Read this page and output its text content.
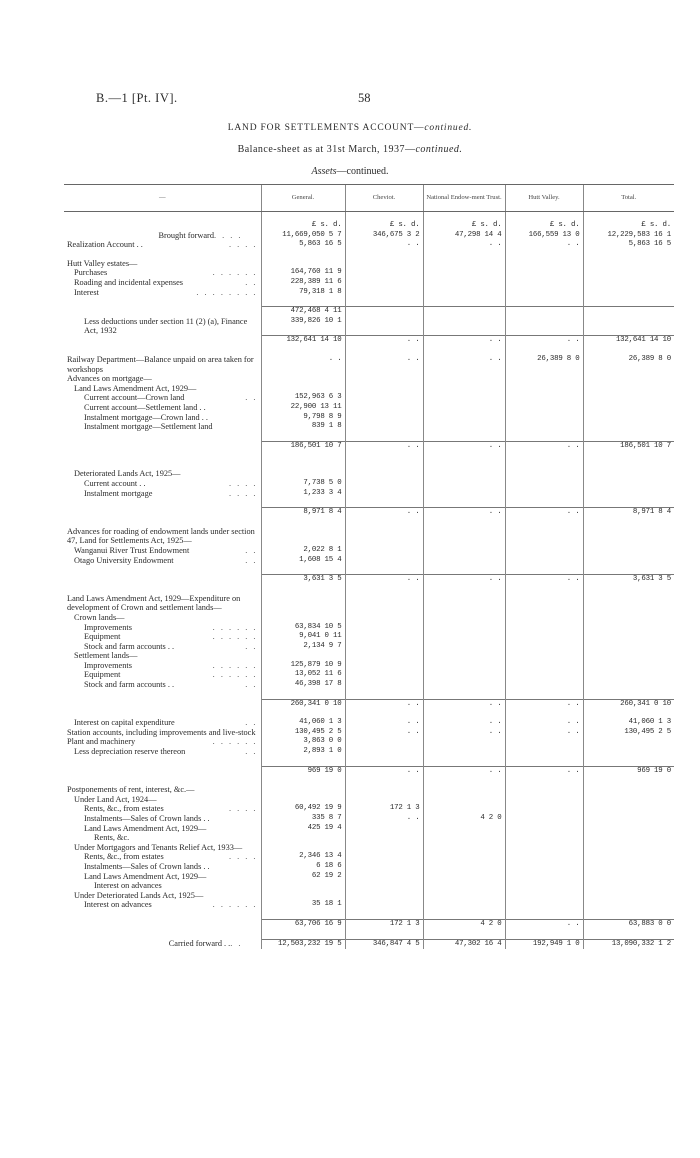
B.—1 [Pt. IV].	58
LAND FOR SETTLEMENTS ACCOUNT—continued.
Balance-sheet as at 31st March, 1937—continued.
Assets—continued.
—	General.	Cheviot.	National Endow-ment Trust.	Hutt Valley.	Total.

	£ s. d.	£ s. d.	£ s. d.	£ s. d.	£ s. d.

. . . .
Brought forward	11,669,050 5 7	346,675 3 2	47,298 14 4	166,559 13 0	12,229,583 16 1

. . . .
Realization Account . .	5,863 16 5	. .	. .	. .	5,863 16 5

Hutt Valley estates—					

. . . . . .
Purchases	164,760 11 9				

. .
Roading and incidental expenses	228,389 11 6				

. . . . . . . .
Interest	79,318 1 8				

	472,468 4 11				
Less deductions under section 11 (2) (a), Finance Act, 1932	339,826 10 1				
	132,641 14 10	. .	. .	. .	132,641 14 10

Railway Department—Balance unpaid on area taken for workshops	. .	. .	. .	26,389 8 0	26,389 8 0
Advances on mortgage—					
Land Laws Amendment Act, 1929—					

. .
Current account—Crown land	152,963 6 3				
Current account—Settlement land . .	22,900 13 11				
Instalment mortgage—Crown land . .	9,798 8 9				
Instalment mortgage—Settlement land	839 1 8				

	186,501 10 7	. .	. .	. .	186,501 10 7

Deteriorated Lands Act, 1925—					

. . . .
Current account . .	7,738 5 0				

. . . .
Instalment mortgage	1,233 3 4				

	8,971 8 4	. .	. .	. .	8,971 8 4

Advances for roading of endowment lands under section 47, Land for Settlements Act, 1925—					

. .
Wanganui River Trust Endowment	2,022 8 1				

. .
Otago University Endowment	1,608 15 4				

	3,631 3 5	. .	. .	. .	3,631 3 5

Land Laws Amendment Act, 1929—Expenditure on development of Crown and settlement lands—					
Crown lands—					

. . . . . .
Improvements	63,834 10 5				

. . . . . .
Equipment	9,041 0 11				

. .
Stock and farm accounts . .	2,134 9 7				
Settlement lands—					

. . . . . .
Improvements	125,879 10 9				

. . . . . .
Equipment	13,052 11 6				

. .
Stock and farm accounts . .	46,398 17 8				

	260,341 0 10	. .	. .	. .	260,341 0 10

. .
Interest on capital expenditure	41,060 1 3	. .	. .	. .	41,060 1 3
Station accounts, including improvements and live-stock	130,495 2 5	. .	. .	. .	130,495 2 5

. . . . . .
Plant and machinery	3,863 0 0				

. .
Less depreciation reserve thereon	2,893 1 0				

	969 19 0	. .	. .	. .	969 19 0

Postponements of rent, interest, &c.—					
Under Land Act, 1924—					

. . . .
Rents, &c., from estates	60,492 19 9	172 1 3			
Instalments—Sales of Crown lands . .	335 8 7	. .	4 2 0		
Land Laws Amendment Act, 1929—	425 19 4				
Rents, &c.					
Under Mortgagors and Tenants Relief Act, 1933—					

. . . .
Rents, &c., from estates	2,346 13 4				
Instalments—Sales of Crown lands . .	6 18 6				
Land Laws Amendment Act, 1929—	62 19 2				
Interest on advances					
Under Deteriorated Lands Act, 1925—					

. . . . . .
Interest on advances	35 18 1				

	63,706 16 9	172 1 3	4 2 0	. .	63,883 0 0

. .
Carried forward . .	12,503,232 19 5	346,847 4 5	47,302 16 4	192,949 1 0	13,090,332 1 2
